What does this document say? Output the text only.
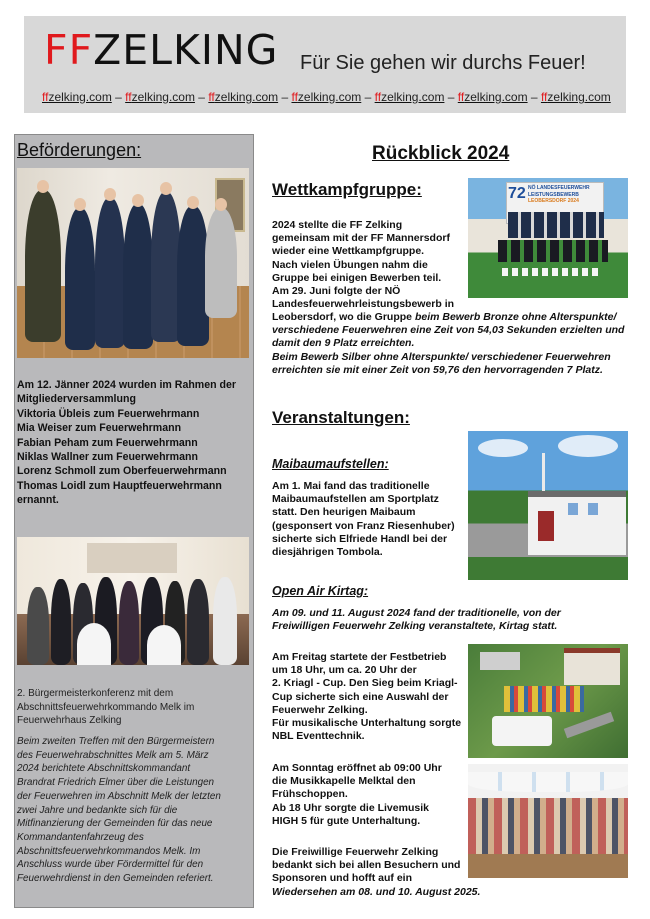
FFZELKING Für Sie gehen wir durchs Feuer!
ffzelking.com – ffzelking.com – ffzelking.com – ffzelking.com – ffzelking.com – ffzelking.com – ffzelking.com
Beförderungen:
Am 12. Jänner 2024 wurden im Rahmen der
Mitgliederversammlung
Viktoria Übleis zum Feuerwehrmann
Mia Weiser zum Feuerwehrmann
Fabian Peham zum Feuerwehrmann
Niklas Wallner zum Feuerwehrmann
Lorenz Schmoll zum Oberfeuerwehrmann
Thomas Loidl zum Hauptfeuerwehrmann
ernannt.
2. Bürgermeisterkonferenz mit dem
Abschnittsfeuerwehrkommando Melk im
Feuerwehrhaus Zelking
Beim zweiten Treffen mit den Bürgermeistern
des Feuerwehrabschnittes Melk am 5. März
2024 berichtete Abschnittskommandant
Brandrat Friedrich Elmer über die Leistungen
der Feuerwehren im Abschnitt Melk der letzten
zwei Jahre und bedankte sich für die
Mitfinanzierung der Gemeinden für das neue
Kommandantenfahrzeug des
Abschnittsfeuerwehrkommandos Melk. Im
Anschluss wurde über Fördermittel für den
Feuerwehrdienst in den Gemeinden referiert.
Rückblick 2024
Wettkampfgruppe:	72 NÖ LANDESFEUERWEHR
LEISTUNGSBEWERB
LEOBERSDORF 2024
2024 stellte die FF Zelking
gemeinsam mit der FF Mannersdorf
wieder eine Wettkampfgruppe.
Nach vielen Übungen nahm die
Gruppe bei einigen Bewerben teil.
Am 29. Juni folgte der NÖ
Landesfeuerwehrleistungsbewerb in
Leobersdorf, wo die Gruppe beim Bewerb Bronze ohne Alterspunkte/
verschiedene Feuerwehren eine Zeit von 54,03 Sekunden erzielten und
damit den 9 Platz erreichten.
Beim Bewerb Silber ohne Alterspunkte/ verschiedener Feuerwehren
erreichten sie mit einer Zeit von 59,76 den hervorragenden 7 Platz.
Veranstaltungen:
Maibaumaufstellen:
Am 1. Mai fand das traditionelle
Maibaumaufstellen am Sportplatz
statt. Den heurigen Maibaum
(gesponsert von Franz Riesenhuber)
sicherte sich Elfriede Handl bei der
diesjährigen Tombola.
Open Air Kirtag:
Am 09. und 11. August 2024 fand der traditionelle, von der
Freiwilligen Feuerwehr Zelking veranstaltete, Kirtag statt.
Am Freitag startete der Festbetrieb
um 18 Uhr, um ca. 20 Uhr der
2. Kriagl - Cup. Den Sieg beim Kriagl-
Cup sicherte sich eine Auswahl der
Feuerwehr Zelking.
Für musikalische Unterhaltung sorgte
NBL Eventtechnik.
Am Sonntag eröffnet ab 09:00 Uhr
die Musikkapelle Melktal den
Frühschoppen.
Ab 18 Uhr sorgte die Livemusik
HIGH 5 für gute Unterhaltung.
Die Freiwillige Feuerwehr Zelking
bedankt sich bei allen Besuchern und
Sponsoren und hofft auf ein
Wiedersehen am 08. und 10. August 2025.
